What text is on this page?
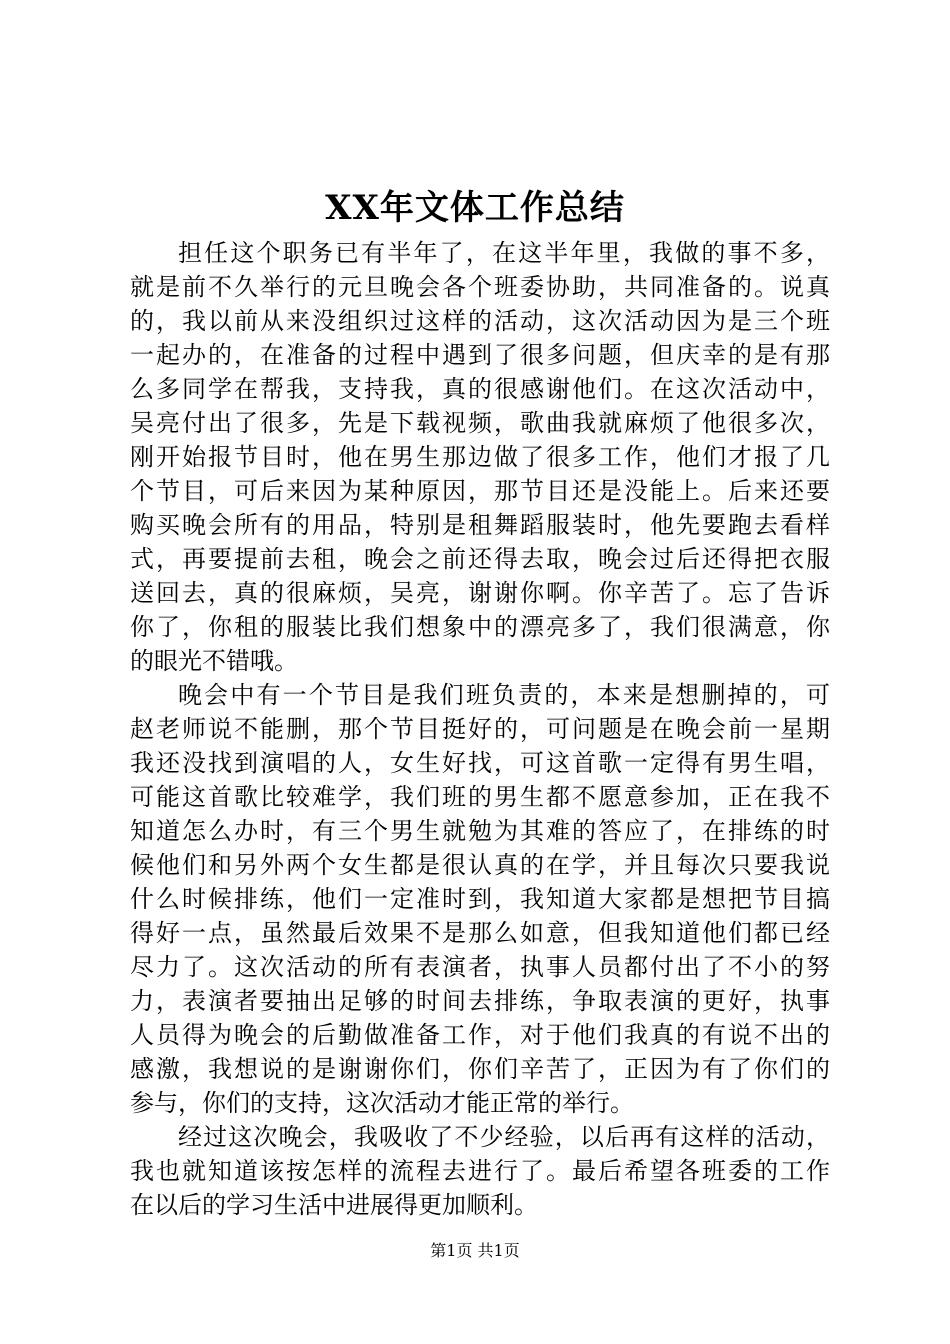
XX年文体工作总结
担任这个职务已有半年了，在这半年里，我做的事不多，
就是前不久举行的元旦晚会各个班委协助，共同准备的。说真
的，我以前从来没组织过这样的活动，这次活动因为是三个班
一起办的，在准备的过程中遇到了很多问题，但庆幸的是有那
么多同学在帮我，支持我，真的很感谢他们。在这次活动中，
吴亮付出了很多，先是下载视频，歌曲我就麻烦了他很多次，
刚开始报节目时，他在男生那边做了很多工作，他们才报了几
个节目，可后来因为某种原因，那节目还是没能上。后来还要
购买晚会所有的用品，特别是租舞蹈服装时，他先要跑去看样
式，再要提前去租，晚会之前还得去取，晚会过后还得把衣服
送回去，真的很麻烦，吴亮，谢谢你啊。你辛苦了。忘了告诉
你了，你租的服装比我们想象中的漂亮多了，我们很满意，你
的眼光不错哦。
晚会中有一个节目是我们班负责的，本来是想删掉的，可
赵老师说不能删，那个节目挺好的，可问题是在晚会前一星期
我还没找到演唱的人，女生好找，可这首歌一定得有男生唱，
可能这首歌比较难学，我们班的男生都不愿意参加，正在我不
知道怎么办时，有三个男生就勉为其难的答应了，在排练的时
候他们和另外两个女生都是很认真的在学，并且每次只要我说
什么时候排练，他们一定准时到，我知道大家都是想把节目搞
得好一点，虽然最后效果不是那么如意，但我知道他们都已经
尽力了。这次活动的所有表演者，执事人员都付出了不小的努
力，表演者要抽出足够的时间去排练，争取表演的更好，执事
人员得为晚会的后勤做准备工作，对于他们我真的有说不出的
感激，我想说的是谢谢你们，你们辛苦了，正因为有了你们的
参与，你们的支持，这次活动才能正常的举行。
经过这次晚会，我吸收了不少经验，以后再有这样的活动，
我也就知道该按怎样的流程去进行了。最后希望各班委的工作
在以后的学习生活中进展得更加顺利。
第1页 共1页
